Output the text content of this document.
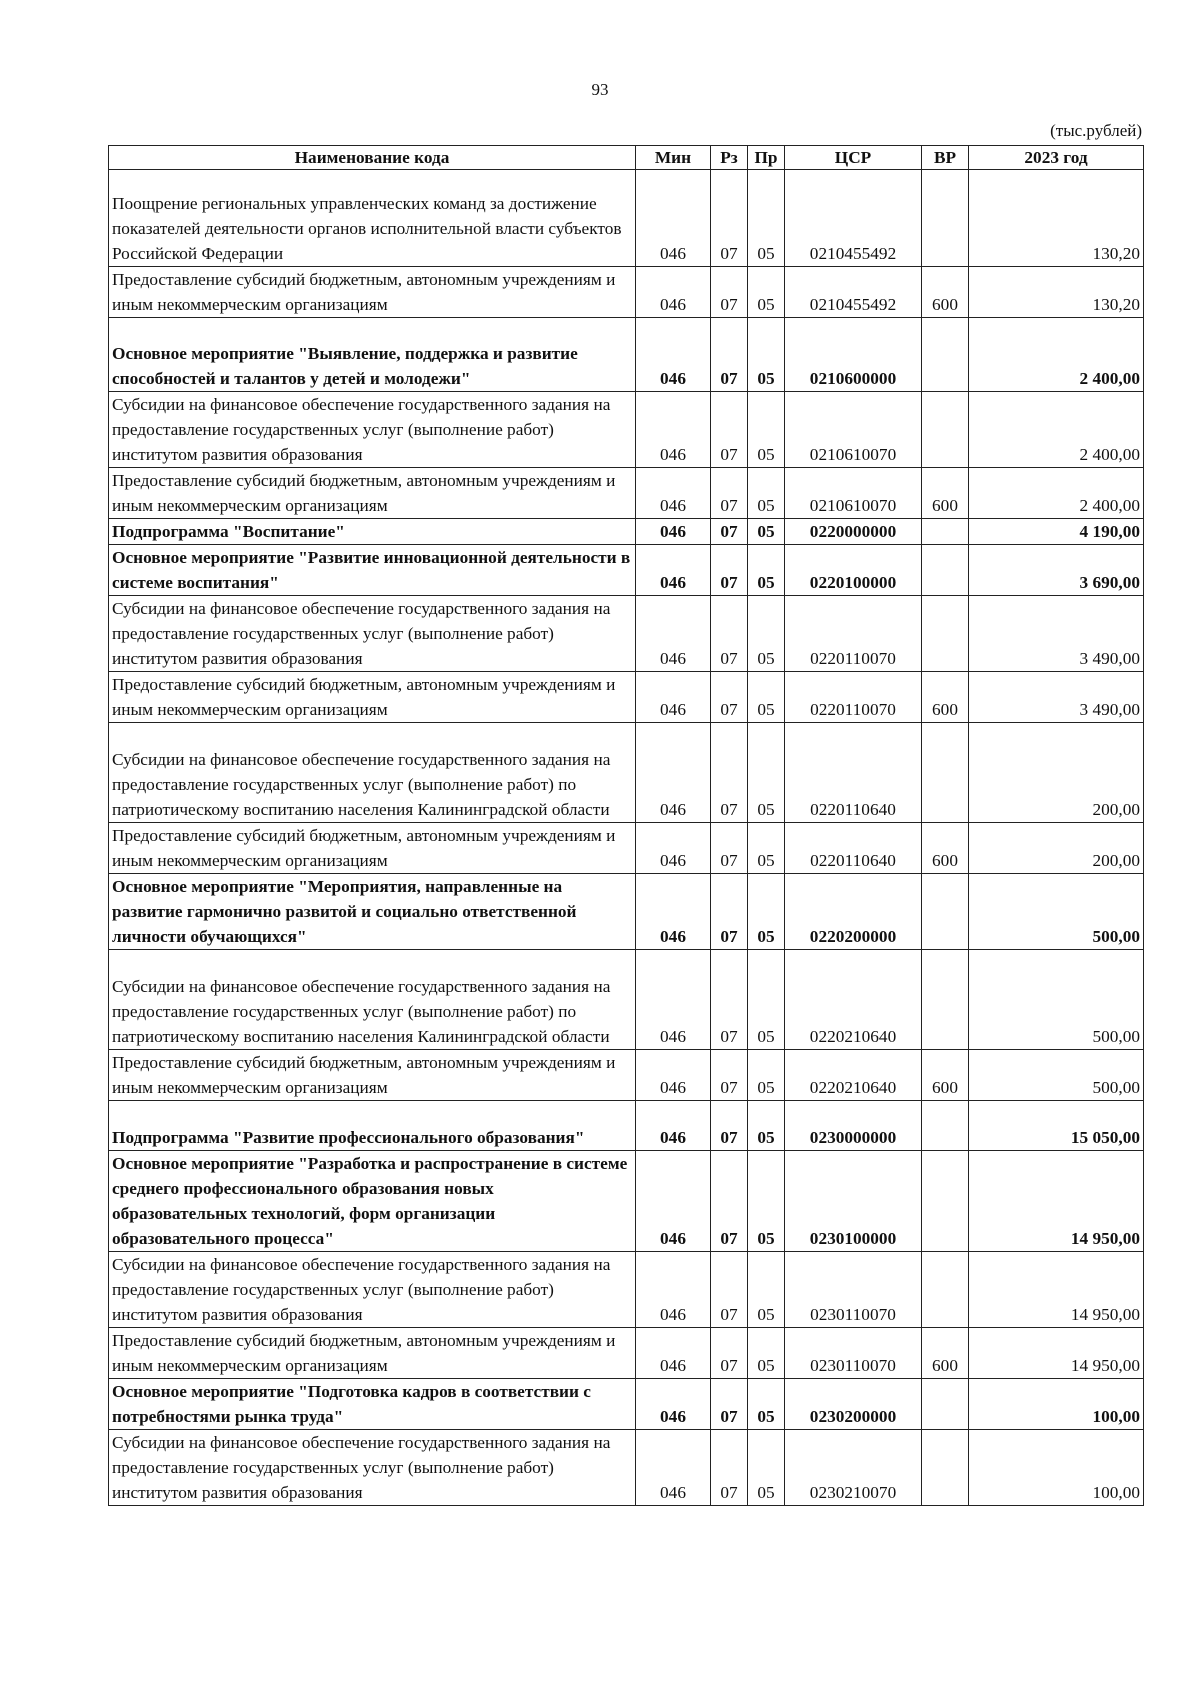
93
(тыс.рублей)
Наименование кода	Мин	Рз	Пр	ЦСР	ВР	2023 год
Поощрение региональных управленческих команд за достижение показателей деятельности органов исполнительной власти субъектов Российской Федерации	046	07	05	0210455492		130,20
Предоставление субсидий бюджетным, автономным учреждениям и иным некоммерческим организациям	046	07	05	0210455492	600	130,20
Основное мероприятие "Выявление, поддержка и развитие способностей и талантов у детей и молодежи"	046	07	05	0210600000		2 400,00
Субсидии на финансовое обеспечение государственного задания на предоставление государственных услуг (выполнение работ) институтом развития образования	046	07	05	0210610070		2 400,00
Предоставление субсидий бюджетным, автономным учреждениям и иным некоммерческим организациям	046	07	05	0210610070	600	2 400,00
Подпрограмма "Воспитание"	046	07	05	0220000000		4 190,00
Основное мероприятие "Развитие инновационной деятельности в системе воспитания"	046	07	05	0220100000		3 690,00
Субсидии на финансовое обеспечение государственного задания на предоставление государственных услуг (выполнение работ) институтом развития образования	046	07	05	0220110070		3 490,00
Предоставление субсидий бюджетным, автономным учреждениям и иным некоммерческим организациям	046	07	05	0220110070	600	3 490,00
Субсидии на финансовое обеспечение государственного задания на предоставление государственных услуг (выполнение работ) по патриотическому воспитанию населения Калининградской области	046	07	05	0220110640		200,00
Предоставление субсидий бюджетным, автономным учреждениям и иным некоммерческим организациям	046	07	05	0220110640	600	200,00
Основное мероприятие "Мероприятия, направленные на развитие гармонично развитой и социально ответственной личности обучающихся"	046	07	05	0220200000		500,00
Субсидии на финансовое обеспечение государственного задания на предоставление государственных услуг (выполнение работ) по патриотическому воспитанию населения Калининградской области	046	07	05	0220210640		500,00
Предоставление субсидий бюджетным, автономным учреждениям и иным некоммерческим организациям	046	07	05	0220210640	600	500,00
Подпрограмма "Развитие профессионального образования"	046	07	05	0230000000		15 050,00
Основное мероприятие "Разработка и распространение в системе среднего профессионального образования новых образовательных технологий, форм организации образовательного процесса"	046	07	05	0230100000		14 950,00
Субсидии на финансовое обеспечение государственного задания на предоставление государственных услуг (выполнение работ) институтом развития образования	046	07	05	0230110070		14 950,00
Предоставление субсидий бюджетным, автономным учреждениям и иным некоммерческим организациям	046	07	05	0230110070	600	14 950,00
Основное мероприятие "Подготовка кадров в соответствии с потребностями рынка труда"	046	07	05	0230200000		100,00
Субсидии на финансовое обеспечение государственного задания на предоставление государственных услуг (выполнение работ) институтом развития образования	046	07	05	0230210070		100,00
